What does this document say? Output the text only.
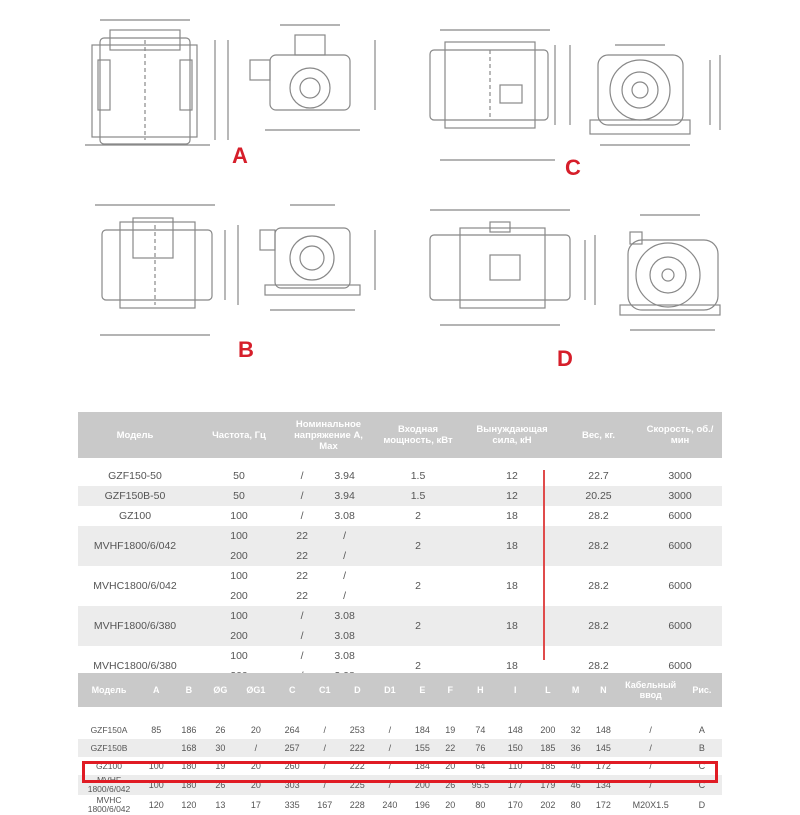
A
B
C
D
Модель	Частота, Гц	Номинальное напряжение А, Max		Входная мощность, кВт	Вынуждающая сила, кН	Вес, кг.	Скорость, об./мин

GZF150-50	50	/	3.94	1.5	12	22.7	3000
GZF150B-50	50	/	3.94	1.5	12	20.25	3000
GZ100	100	/	3.08	2	18	28.2	6000
MVHF1800/6/042	100	22	/	2	18	28.2	6000
	200	22	/				
MVHC1800/6/042	100	22	/	2	18	28.2	6000
	200	22	/				
MVHF1800/6/380	100	/	3.08	2	18	28.2	6000
	200	/	3.08				
MVHC1800/6/380	100	/	3.08	2	18	28.2	6000
	200	/	3.08				
Модель	A	B	ØG	ØG1	C	C1	D	D1	E	F	H	I	L	M	N	Кабельный ввод	Рис.

GZF150A	85	186	26	20	264	/	253	/	184	19	74	148	200	32	148	/	A
GZF150B		168	30	/	257	/	222	/	155	22	76	150	185	36	145	/	B
GZ100	100	180	19	20	260	/	222	/	184	20	64	110	185	40	172	/	C
MVHF 1800/6/042	100	180	26	20	303	/	225	/	200	26	95.5	177	179	46	134	/	C
MVHC 1800/6/042	120	120	13	17	335	167	228	240	196	20	80	170	202	80	172	M20X1.5	D
